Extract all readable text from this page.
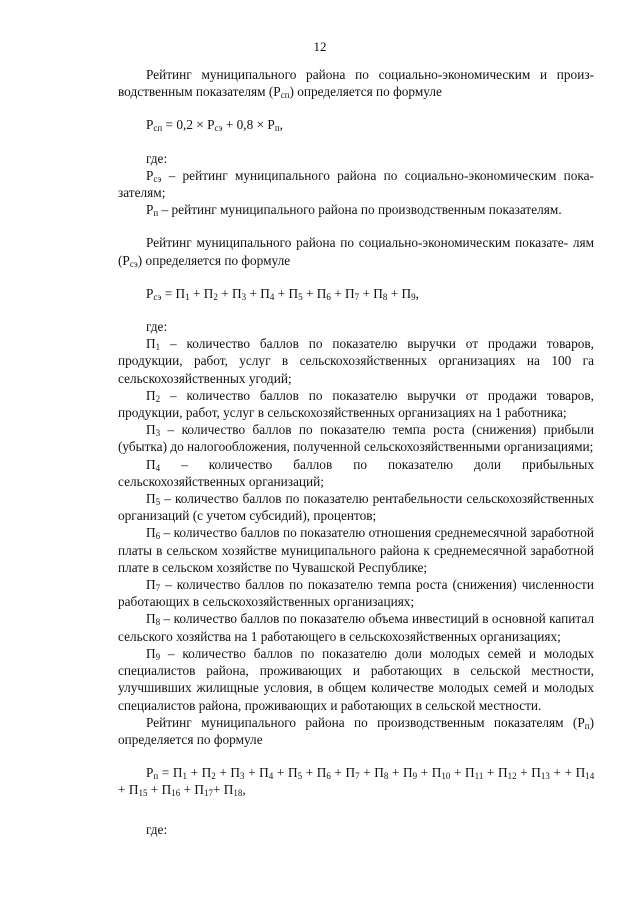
12

Рейтинг муниципального района по социально-экономическим и произ- водственным показателям $(Р_{сп})$ определяется по формуле

$Р_{сп} = 0,2 \times Р_{сэ} + 0,8 \times Р_п$,

где:

$Р_{сэ}$ – рейтинг муниципального района по социально-экономическим пока- зателям;

$Р_п$ – рейтинг муниципального района по производственным показателям.

Рейтинг муниципального района по социально-экономическим показате- лям $(Р_{сэ})$ определяется по формуле

$Р_{сэ} = П_1 + П_2 + П_3 + П_4 + П_5 + П_6 + П_7 + П_8 + П_9$,

где:

$П_1$ – количество баллов по показателю выручки от продажи товаров, продукции, работ, услуг в сельскохозяйственных организациях на 100 га сельскохозяйственных угодий;

$П_2$ – количество баллов по показателю выручки от продажи товаров, продукции, работ, услуг в сельскохозяйственных организациях на 1 работника;

$П_3$ – количество баллов по показателю темпа роста (снижения) прибыли (убытка) до налогообложения, полученной сельскохозяйственными организациями;

$П_4$ – количество баллов по показателю доли прибыльных сельскохозяйственных организаций;

$П_5$ – количество баллов по показателю рентабельности сельскохозяйственных организаций (с учетом субсидий), процентов;

$П_6$ – количество баллов по показателю отношения среднемесячной заработной платы в сельском хозяйстве муниципального района к среднемесячной заработной плате в сельском хозяйстве по Чувашской Республике;

$П_7$ – количество баллов по показателю темпа роста (снижения) численности работающих в сельскохозяйственных организациях;

$П_8$ – количество баллов по показателю объема инвестиций в основной капитал сельского хозяйства на 1 работающего в сельскохозяйственных организациях;

$П_9$ – количество баллов по показателю доли молодых семей и молодых специалистов района, проживающих и работающих в сельской местности, улучшивших жилищные условия, в общем количестве молодых семей и молодых специалистов района, проживающих и работающих в сельской местности.

Рейтинг муниципального района по производственным показателям $(Р_п)$ определяется по формуле

$Р_п = П_1 + П_2 + П_3 + П_4 + П_5 + П_6 + П_7 + П_8 + П_9 + П_{10} + П_{11} + П_{12} + П_{13}$ + + $П_{14} + П_{15} + П_{16} + П_{17}+ П_{18}$,

где:
